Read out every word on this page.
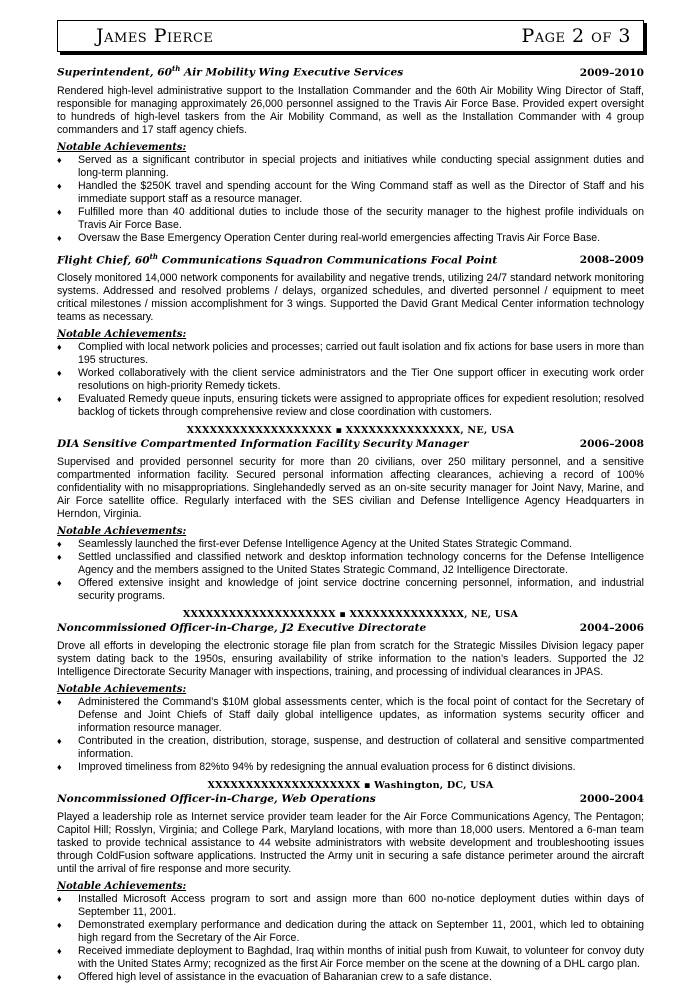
James Pierce	Page 2 of 3
Superintendent, 60th Air Mobility Wing Executive Services	2009–2010
Rendered high-level administrative support to the Installation Commander and the 60th Air Mobility Wing Director of Staff, responsible for managing approximately 26,000 personnel assigned to the Travis Air Force Base. Provided expert oversight to hundreds of high-level taskers from the Air Mobility Command, as well as the Installation Commander with 4 group commanders and 17 staff agency chiefs.
Notable Achievements:
♦ Served as a significant contributor in special projects and initiatives while conducting special assignment duties and long-term planning.
♦ Handled the $250K travel and spending account for the Wing Command staff as well as the Director of Staff and his immediate support staff as a resource manager.
♦ Fulfilled more than 40 additional duties to include those of the security manager to the highest profile individuals on Travis Air Force Base.
♦ Oversaw the Base Emergency Operation Center during real-world emergencies affecting Travis Air Force Base.
Flight Chief, 60th Communications Squadron Communications Focal Point	2008–2009
Closely monitored 14,000 network components for availability and negative trends, utilizing 24/7 standard network monitoring systems. Addressed and resolved problems / delays, organized schedules, and diverted personnel / equipment to meet critical milestones / mission accomplishment for 3 wings. Supported the David Grant Medical Center information technology teams as necessary.
Notable Achievements:
♦ Complied with local network policies and processes; carried out fault isolation and fix actions for base users in more than 195 structures.
♦ Worked collaboratively with the client service administrators and the Tier One support officer in executing work order resolutions on high-priority Remedy tickets.
♦ Evaluated Remedy queue inputs, ensuring tickets were assigned to appropriate offices for expedient resolution; resolved backlog of tickets through comprehensive review and close coordination with customers.
XXXXXXXXXXXXXXXXXXX ▪ XXXXXXXXXXXXXXX, NE, USA
DIA Sensitive Compartmented Information Facility Security Manager	2006–2008
Supervised and provided personnel security for more than 20 civilians, over 250 military personnel, and a sensitive compartmented information facility. Secured personal information affecting clearances, achieving a record of 100% confidentiality with no misappropriations. Singlehandedly served as an on-site security manager for Joint Navy, Marine, and Air Force satellite office. Regularly interfaced with the SES civilian and Defense Intelligence Agency Headquarters in Herndon, Virginia.
Notable Achievements:
♦ Seamlessly launched the first-ever Defense Intelligence Agency at the United States Strategic Command.
♦ Settled unclassified and classified network and desktop information technology concerns for the Defense Intelligence Agency and the members assigned to the United States Strategic Command, J2 Intelligence Directorate.
♦ Offered extensive insight and knowledge of joint service doctrine concerning personnel, information, and industrial security programs.
XXXXXXXXXXXXXXXXXXXX ▪ XXXXXXXXXXXXXXX, NE, USA
Noncommissioned Officer-in-Charge, J2 Executive Directorate	2004–2006
Drove all efforts in developing the electronic storage file plan from scratch for the Strategic Missiles Division legacy paper system dating back to the 1950s, ensuring availability of strike information to the nation’s leaders. Supported the J2 Intelligence Directorate Security Manager with inspections, training, and processing of individual clearances in JPAS.
Notable Achievements:
♦ Administered the Command’s $10M global assessments center, which is the focal point of contact for the Secretary of Defense and Joint Chiefs of Staff daily global intelligence updates, as information systems security officer and information resource manager.
♦ Contributed in the creation, distribution, storage, suspense, and destruction of collateral and sensitive compartmented information.
♦ Improved timeliness from 82%to 94% by redesigning the annual evaluation process for 6 distinct divisions.
XXXXXXXXXXXXXXXXXXXX ▪ Washington, DC, USA
Noncommissioned Officer-in-Charge, Web Operations	2000–2004
Played a leadership role as Internet service provider team leader for the Air Force Communications Agency, The Pentagon; Capitol Hill; Rosslyn, Virginia; and College Park, Maryland locations, with more than 18,000 users. Mentored a 6-man team tasked to provide technical assistance to 44 website administrators with website development and troubleshooting issues through ColdFusion software applications. Instructed the Army unit in securing a safe distance perimeter around the aircraft until the arrival of fire response and more security.
Notable Achievements:
♦ Installed Microsoft Access program to sort and assign more than 600 no-notice deployment duties within days of September 11, 2001.
♦ Demonstrated exemplary performance and dedication during the attack on September 11, 2001, which led to obtaining high regard from the Secretary of the Air Force.
♦ Received immediate deployment to Baghdad, Iraq within months of initial push from Kuwait, to volunteer for convoy duty with the United States Army; recognized as the first Air Force member on the scene at the downing of a DHL cargo plan.
♦ Offered high level of assistance in the evacuation of Baharanian crew to a safe distance.
